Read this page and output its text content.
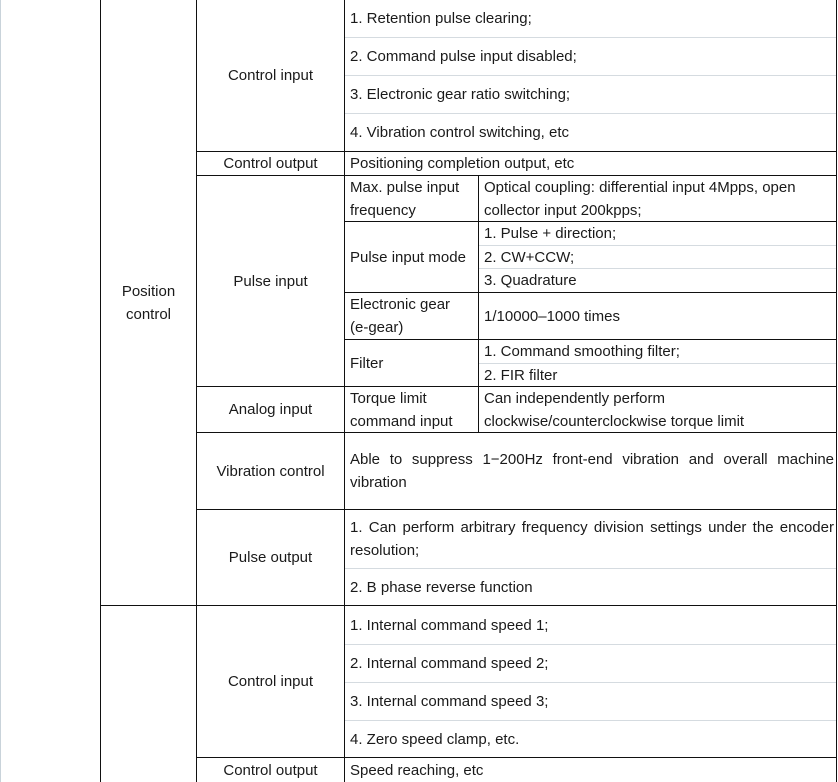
Position
control
Control input
1. Retention pulse clearing;
2. Command pulse input disabled;
3. Electronic gear ratio switching;
4. Vibration control switching, etc
Control output	Positioning completion output, etc
Pulse input
Max. pulse input
frequency
Optical coupling: differential input 4Mpps, open
collector input 200kpps;
Pulse input mode
1. Pulse + direction;
2. CW+CCW;
3. Quadrature
Electronic gear
(e-gear)
1/10000–1000 times
Filter
1. Command smoothing filter;
2. FIR filter
Analog input
Torque limit
command input
Can independently perform
clockwise/counterclockwise torque limit
Vibration control
Able to suppress 1−200Hz front-end vibration and overall machine vibration
Pulse output
1. Can perform arbitrary frequency division settings under the encoder resolution;
2. B phase reverse function
Control input
1. Internal command speed 1;
2. Internal command speed 2;
3. Internal command speed 3;
4. Zero speed clamp, etc.
Control output	Speed reaching, etc
